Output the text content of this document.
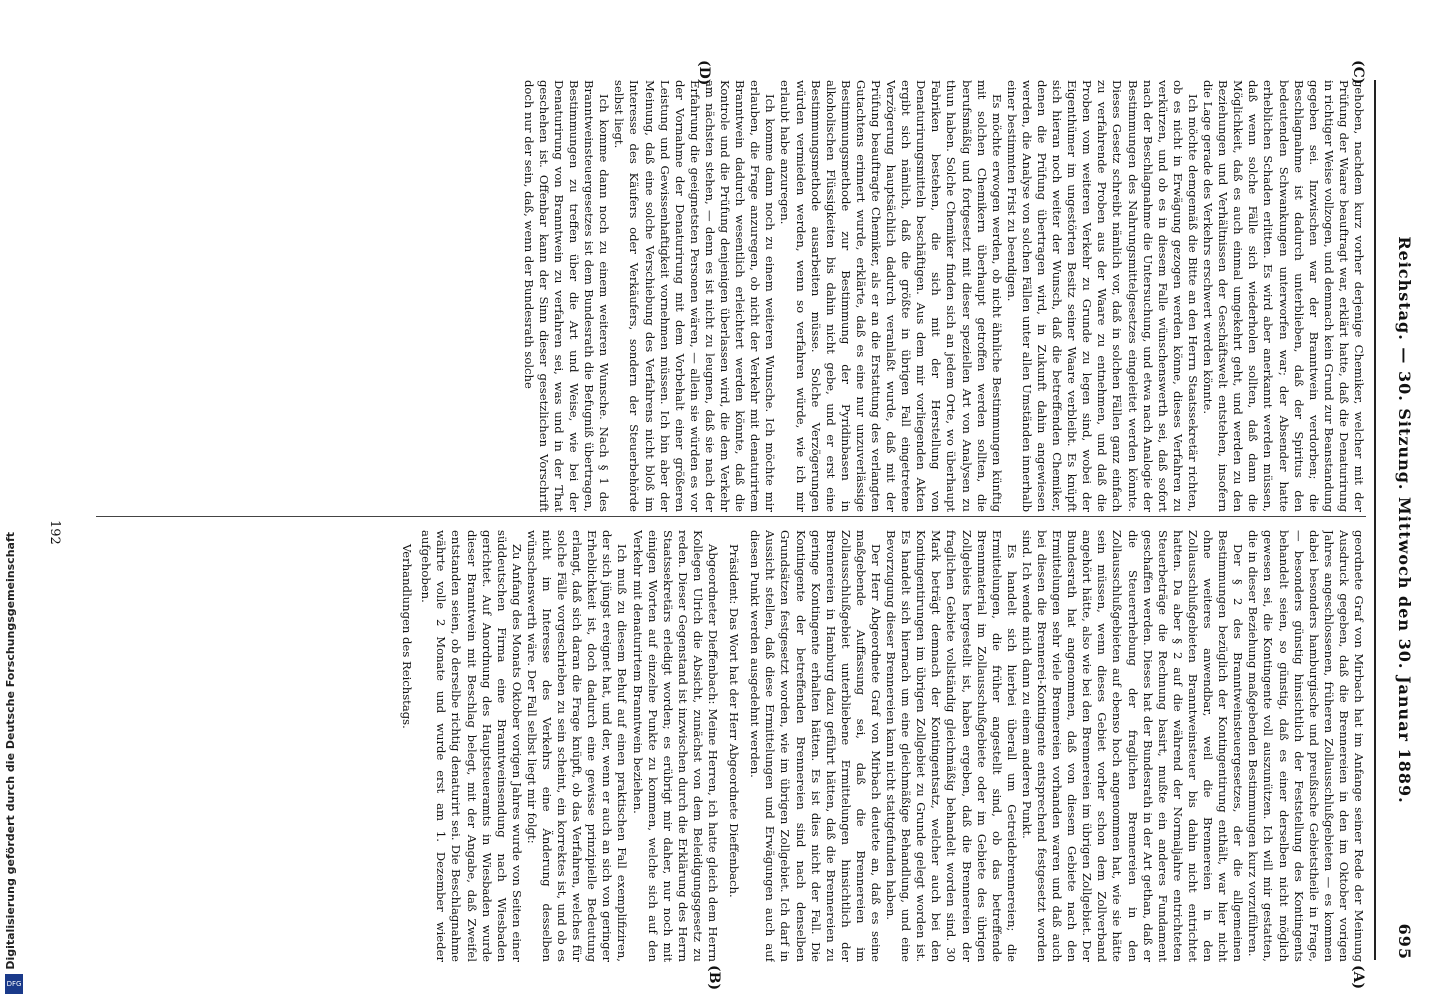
Reichstag. — 30. Sitzung. Mittwoch den 30. Januar 1889.
695
(C)
(D)
(A)
(B)

geordnete Graf von Mirbach hat im Anfange seiner Rede der Meinung Ausdruck gegeben, daß die Brennereien in den im Oktober vorigen Jahres angeschlossenen, früheren Zollausschlußgebieten — es kommen dabei besonders hamburgische und preußische Gebietstheile in Frage, — besonders günstig hinsichtlich der Feststellung des Kontingents behandelt seien, so günstig, daß es einer derselben nicht möglich gewesen sei, die Kontingente voll auszunützen. Ich will mir gestatten, die in dieser Beziehung maßgebenden Bestimmungen kurz vorzuführen.

Der § 2 des Branntweinsteuergesetzes, der die allgemeinen Bestimmungen bezüglich der Kontingentirung enthält, war hier nicht ohne weiteres anwendbar, weil die Brennereien in den Zollausschlußgebieten Branntweinsteuer bis dahin nicht entrichtet hatten. Da aber § 2 auf die während der Normaljahre entrichteten Steuerbeträge die Rechnung basirt, mußte ein anderes Fundament geschaffen werden. Dieses hat der Bundesrath in der Art gethan, daß er die Steuererhebung der fraglichen Brennereien in den Zollausschlußgebieten auf ebenso hoch angenommen hat, wie sie hätte sein müssen, wenn dieses Gebiet vorher schon dem Zollverband angehört hätte, also wie bei den Brennereien im übrigen Zollgebiet. Der Bundesrath hat angenommen, daß von diesem Gebiete nach den Ermittelungen sehr viele Brennereien vorhanden waren und daß auch bei diesen die Brennerei-Kontingente entsprechend festgesetzt worden sind. Ich wende mich dann zu einem anderen Punkt.

Es handelt sich hierbei überall um Getreidebrennereien; die Ermittelungen, die früher angestellt sind, ob das betreffende Brennmaterial im Zollausschußgebiete oder im Gebiete des übrigen Zollgebiets hergestellt ist, haben ergeben, daß die Brennereien der fraglichen Gebiete vollständig gleichmäßig behandelt worden sind. 30 Mark beträgt demnach der Kontingentsatz, welcher auch bei den Kontingentirungen im übrigen Zollgebiet zu Grunde gelegt worden ist. Es handelt sich hiernach um eine gleichmäßige Behandlung, und eine Bevorzugung dieser Brennereien kann nicht stattgefunden haben.

Der Herr Abgeordnete Graf von Mirbach deutete an, daß es seine maßgebende Auffassung sei, daß die Brennereien im Zollausschlußgebiet unterbliebene Ermittelungen hinsichtlich der Brennereien in Hamburg dazu geführt hätten, daß die Brennereien zu geringe Kontingente erhalten hätten. Es ist dies nicht der Fall. Die Kontingente der betreffenden Brennereien sind nach denselben Grundsätzen festgesetzt worden, wie im übrigen Zollgebiet. Ich darf in Aussicht stellen, daß diese Ermittelungen und Erwägungen auch auf diesen Punkt werden ausgedehnt werden.

Präsident: Das Wort hat der Herr Abgeordnete Dieffenbach.

Abgeordneter Dieffenbach: Meine Herren, ich hatte gleich dem Herrn Kollegen Ulrich die Absicht, zunächst von dem Beleidigungsgesetz zu reden. Dieser Gegenstand ist inzwischen durch die Erklärung des Herrn Staatssekretärs erledigt worden; es erübrigt mir daher, nur noch mit einigen Worten auf einzelne Punkte zu kommen, welche sich auf den Verkehr mit denaturirtem Branntwein beziehen.

Ich muß zu diesem Behuf auf einen praktischen Fall exemplifiziren, der sich jüngst ereignet hat, und der, wenn er auch an sich von geringer Erheblichkeit ist, doch dadurch eine gewisse prinzipielle Bedeutung erlangt, daß sich daran die Frage knüpft, ob das Verfahren, welches für solche Fälle vorgeschrieben zu sein scheint, ein korrektes ist, und ob es nicht im Interesse des Verkehrs eine Änderung desselben wünschenswerth wäre. Der Fall selbst liegt mir folgt:

Zu Anfang des Monats Oktober vorigen Jahres wurde von Seiten einer süddeutschen Firma eine Branntweinsendung nach Wiesbaden gerichtet. Auf Anordnung des Hauptsteueramts in Wiesbaden wurde dieser Branntwein mit Beschlag belegt, mit der Angabe, daß Zweifel entstanden seien, ob derselbe richtig denaturirt sei. Die Beschlagnahme währte volle 2 Monate und wurde erst am 1. Dezember wieder aufgehoben.

Verhandlungen des Reichstags.

gehoben, nachdem kurz vorher derjenige Chemiker, welcher mit der Prüfung der Waare beauftragt war, erklärt hatte, daß die Denaturirung in richtiger Weise vollzogen, und demnach kein Grund zur Beanstandung gegeben sei. Inzwischen war der Branntwein verdorben; die Beschlagnahme ist dadurch unterblieben, daß der Spiritus den bedeutenden Schwankungen unterworfen war; der Absender hatte erheblichen Schaden erlitten. Es wird aber anerkannt werden müssen, daß wenn solche Fälle sich wiederholen sollten, daß dann die Möglichkeit, daß es auch einmal umgekehrt geht, und werden zu den Beziehungen und Verhältnissen der Geschäftswelt entstehen, insofern die Lage gerade des Verkehrs erschwert werden könnte.

Ich möchte demgemäß die Bitte an den Herrn Staatssekretär richten, ob es nicht in Erwägung gezogen werden könne, dieses Verfahren zu verkürzen, und ob es in diesem Falle wünschenswerth sei, daß sofort nach der Beschlagnahme die Untersuchung, und etwa nach Analogie der Bestimmungen des Nahrungsmittelgesetzes eingeleitet werden könnte. Dieses Gesetz schreibt nämlich vor, daß in solchen Fällen ganz einfach zu verfahrende Proben aus der Waare zu entnehmen, und daß die Proben vom weiteren Verkehr zu Grunde zu legen sind, wobei der Eigenthümer im ungestörten Besitz seiner Waare verbleibt. Es knüpft sich hieran noch weiter der Wunsch, daß die betreffenden Chemiker, denen die Prüfung übertragen wird, in Zukunft dahin angewiesen werden, die Analyse von solchen Fällen unter allen Umständen innerhalb einer bestimmten Frist zu beendigen.

Es möchte erwogen werden, ob nicht ähnliche Bestimmungen künftig mit solchen Chemikern überhaupt getroffen werden sollten, die berufsmäßig und fortgesetzt mit dieser speziellen Art von Analysen zu thun haben. Solche Chemiker finden sich an jedem Orte, wo überhaupt Fabriken bestehen, die sich mit der Herstellung von Denaturirungsmitteln beschäftigen. Aus dem mir vorliegenden Akten ergibt sich nämlich, daß die größte in übrigen Fall eingetretene Verzögerung hauptsächlich dadurch veranlaßt wurde, daß mit der Prüfung beauftragte Chemiker, als er an die Erstattung des verlangten Gutachtens erinnert wurde, erklärte, daß es eine nur unzuverlässige Bestimmungsmethode zur Bestimmung der Pyridinbasen in alkoholischen Flüssigkeiten bis dahin nicht gebe, und er erst eine Bestimmungsmethode ausarbeiten müsse. Solche Verzögerungen würden vermieden werden, wenn so verfahren würde, wie ich mir erlaubt habe anzuregen.

Ich komme dann noch zu einem weiteren Wunsche. Ich möchte mir erlauben, die Frage anzuregen, ob nicht der Verkehr mit denaturirtem Branntwein dadurch wesentlich erleichtert werden könnte, daß die Kontrole und die Prüfung denjenigen überlassen wird, die dem Verkehr am nächsten stehen, — denn es ist nicht zu leugnen, daß sie nach der Erfahrung die geeignetsten Personen wären, — allein sie würden es vor der Vornahme der Denaturirung mit dem Vorbehalt einer größeren Leistung und Gewissenhaftigkeit vornehmen müssen. Ich bin aber der Meinung, daß eine solche Verschiebung des Verfahrens nicht bloß im Interesse des Käufers oder Verkäufers, sondern der Steuerbehörde selbst liegt.

Ich komme dann noch zu einem weiteren Wunsche. Nach § 1 des Branntweinsteuergesetzes ist dem Bundesrath die Befugniß übertragen, Bestimmungen zu treffen über die Art und Weise, wie bei der Denaturirung von Branntwein zu verfahren sei, was und in der That geschehen ist. Offenbar kann der Sinn dieser gesetzlichen Vorschrift doch nur der sein, daß, wenn der Bundesrath solche

192
Digitalisierung gefördert durch die Deutsche Forschungsgemeinschaft
DFG
